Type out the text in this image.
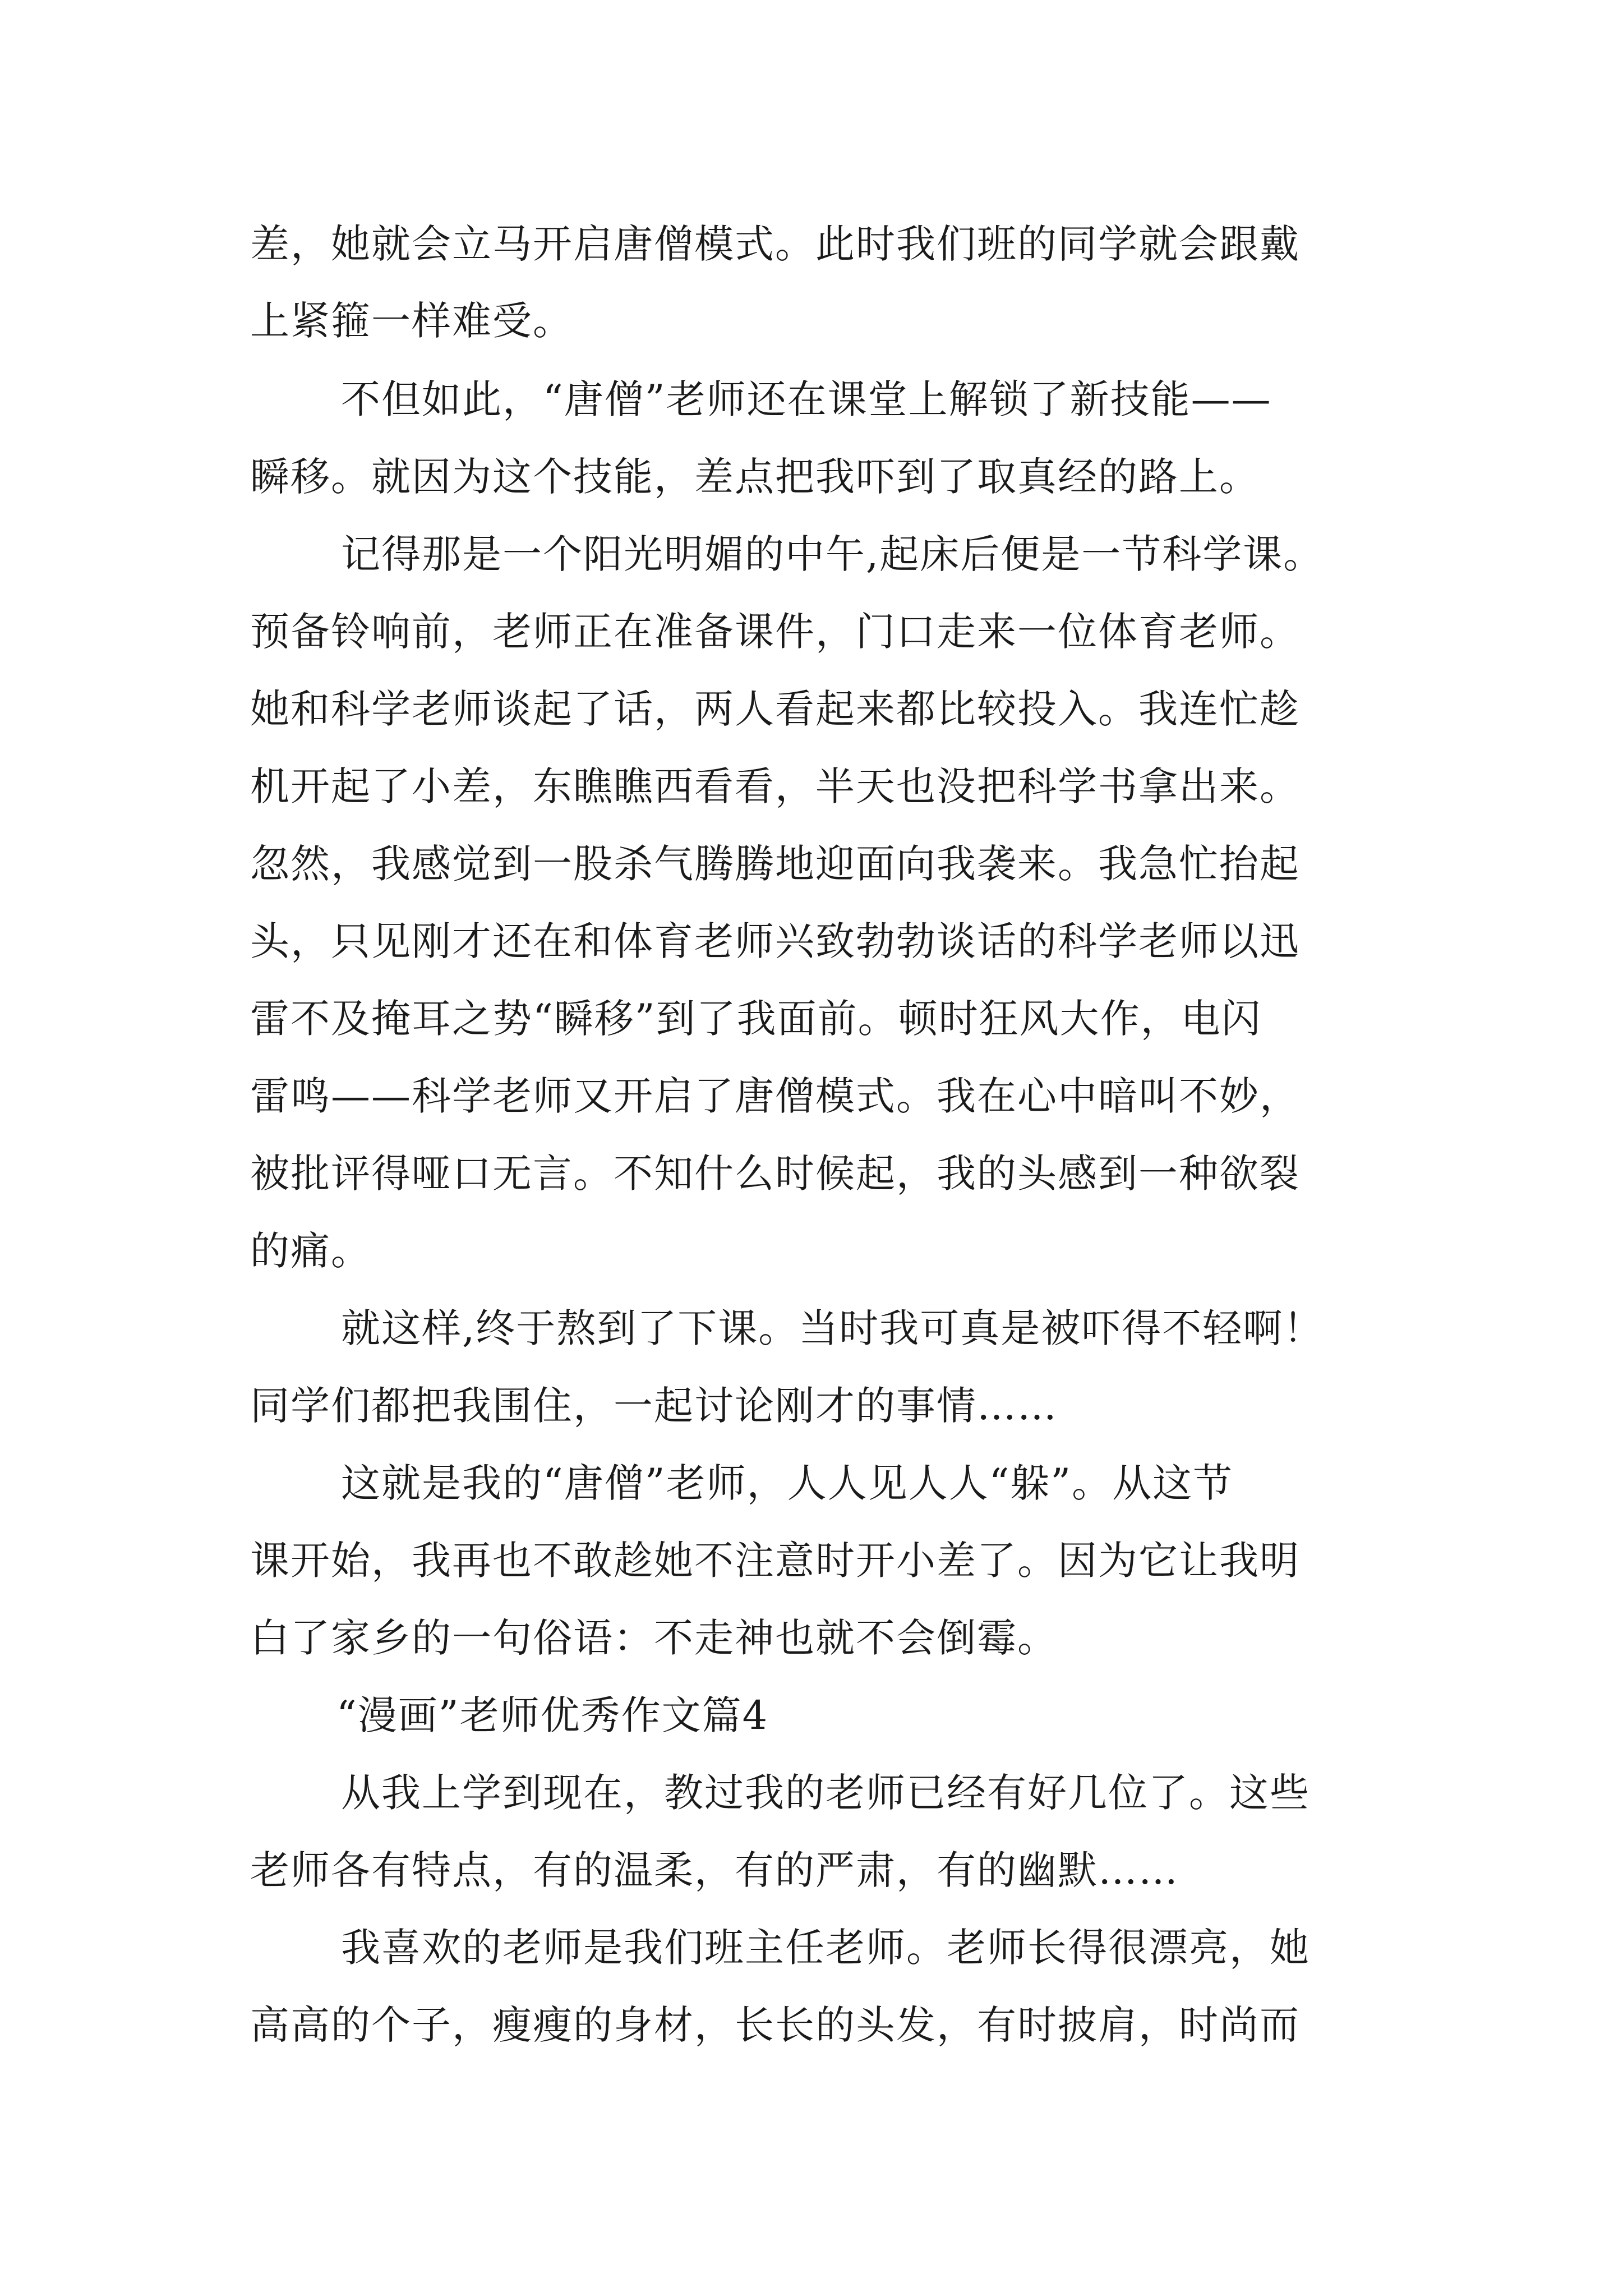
差，她就会立马开启唐僧模式。此时我们班的同学就会跟戴
上紧箍一样难受。
不但如此，“唐僧”老师还在课堂上解锁了新技能——
瞬移。就因为这个技能，差点把我吓到了取真经的路上。
记得那是一个阳光明媚的中午,起床后便是一节科学课。
预备铃响前，老师正在准备课件，门口走来一位体育老师。
她和科学老师谈起了话，两人看起来都比较投入。我连忙趁
机开起了小差，东瞧瞧西看看，半天也没把科学书拿出来。
忽然，我感觉到一股杀气腾腾地迎面向我袭来。我急忙抬起
头，只见刚才还在和体育老师兴致勃勃谈话的科学老师以迅
雷不及掩耳之势“瞬移”到了我面前。顿时狂风大作，电闪
雷鸣——科学老师又开启了唐僧模式。我在心中暗叫不妙，
被批评得哑口无言。不知什么时候起，我的头感到一种欲裂
的痛。
就这样,终于熬到了下课。当时我可真是被吓得不轻啊！
同学们都把我围住，一起讨论刚才的事情……
这就是我的“唐僧”老师，人人见人人“躲”。从这节
课开始，我再也不敢趁她不注意时开小差了。因为它让我明
白了家乡的一句俗语：不走神也就不会倒霉。
“漫画”老师优秀作文篇4
从我上学到现在，教过我的老师已经有好几位了。这些
老师各有特点，有的温柔，有的严肃，有的幽默……
我喜欢的老师是我们班主任老师。老师长得很漂亮，她
高高的个子，瘦瘦的身材，长长的头发，有时披肩，时尚而
